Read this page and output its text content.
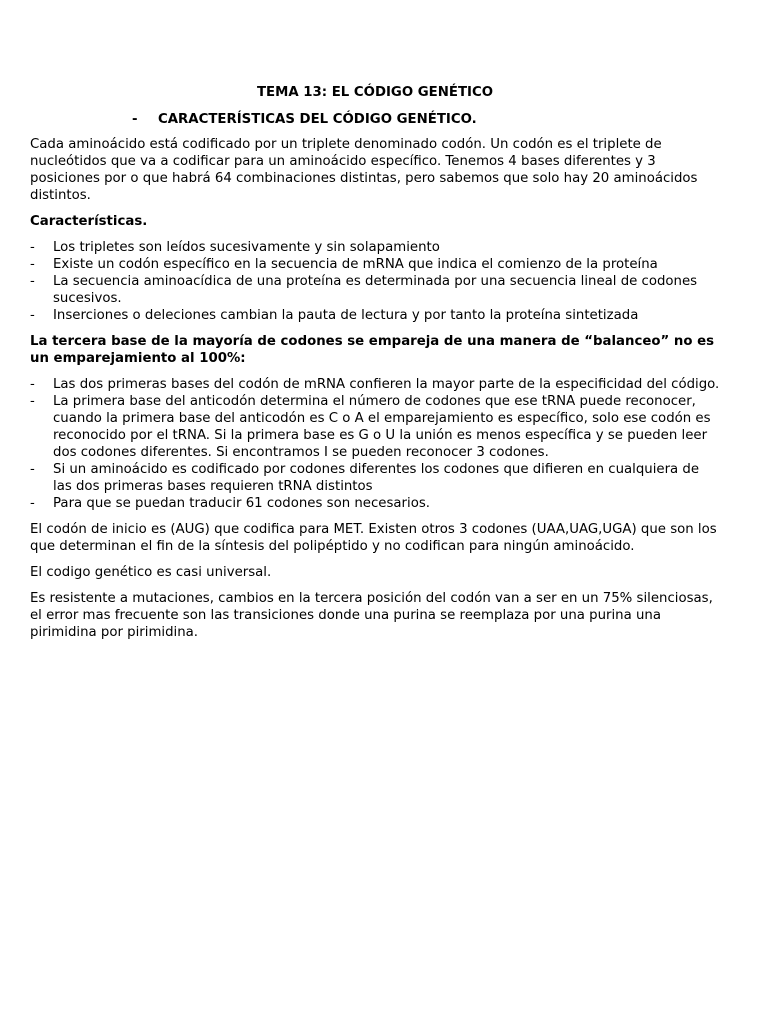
TEMA 13: EL CÓDIGO GENÉTICO
- CARACTERÍSTICAS DEL CÓDIGO GENÉTICO.

Cada aminoácido está codificado por un triplete denominado codón. Un codón es el triplete de nucleótidos que va a codificar para un aminoácido específico. Tenemos 4 bases diferentes y 3 posiciones por o que habrá 64 combinaciones distintas, pero sabemos que solo hay 20 aminoácidos distintos.

Características.
- Los tripletes son leídos sucesivamente y sin solapamiento
- Existe un codón específico en la secuencia de mRNA que indica el comienzo de la proteína
- La secuencia aminoacídica de una proteína es determinada por una secuencia lineal de codones sucesivos.
- Inserciones o deleciones cambian la pauta de lectura y por tanto la proteína sintetizada
La tercera base de la mayoría de codones se empareja de una manera de “balanceo” no es un emparejamiento al 100%:
- Las dos primeras bases del codón de mRNA confieren la mayor parte de la especificidad del código.
- La primera base del anticodón determina el número de codones que ese tRNA puede reconocer, cuando la primera base del anticodón es C o A el emparejamiento es específico, solo ese codón es reconocido por el tRNA. Si la primera base es G o U la unión es menos específica y se pueden leer dos codones diferentes. Si encontramos I se pueden reconocer 3 codones.
- Si un aminoácido es codificado por codones diferentes los codones que difieren en cualquiera de las dos primeras bases requieren tRNA distintos
- Para que se puedan traducir 61 codones son necesarios.

El codón de inicio es (AUG) que codifica para MET. Existen otros 3 codones (UAA,UAG,UGA) que son los que determinan el fin de la síntesis del polipéptido y no codifican para ningún aminoácido.

El codigo genético es casi universal.

Es resistente a mutaciones, cambios en la tercera posición del codón van a ser en un 75% silenciosas, el error mas frecuente son las transiciones donde una purina se reemplaza por una purina una pirimidina por pirimidina.
